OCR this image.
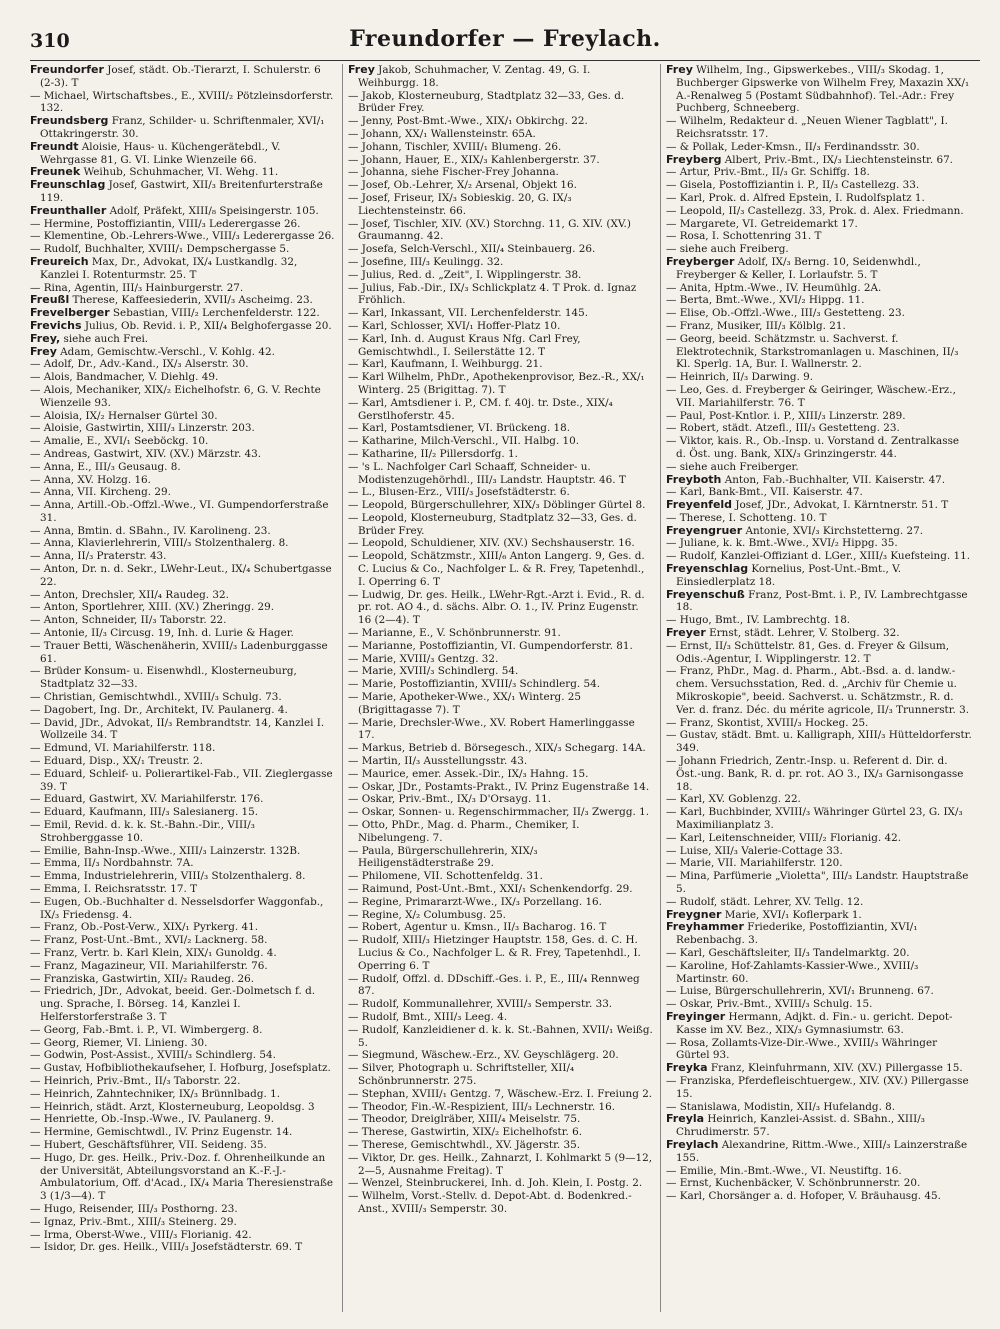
310	Freundorfer — Freylach.

Freundorfer Josef, städt. Ob.-Tierarzt, I. Schulerstr. 6 (2-3). T

— Michael, Wirtschaftsbes., E., XVIII/₂ Pötzleinsdorferstr. 132.

Freundsberg Franz, Schilder- u. Schriftenmaler, XVI/₁ Ottakringerstr. 30.

Freundt Aloisie, Haus- u. Küchengerätebdl., V. Wehrgasse 81, G. VI. Linke Wienzeile 66.

Freunek Weihub, Schuhmacher, VI. Wehg. 11.

Freunschlag Josef, Gastwirt, XII/₃ Breitenfurterstraße 119.

Freunthaller Adolf, Präfekt, XIII/₈ Speisingerstr. 105.

— Hermine, Postoffiziantin, VIII/₃ Lederergasse 26.

— Klementine, Ob.-Lehrers-Wwe., VIII/₃ Lederergasse 26.

— Rudolf, Buchhalter, XVIII/₁ Dempschergasse 5.

Freureich Max, Dr., Advokat, IX/₄ Lustkandlg. 32, Kanzlei I. Rotenturmstr. 25. T

— Rina, Agentin, III/₃ Hainburgerstr. 27.

Freußl Therese, Kaffeesiederin, XVII/₃ Ascheimg. 23.

Frevelberger Sebastian, VIII/₂ Lerchenfelderstr. 122.

Frevichs Julius, Ob. Revid. i. P., XII/₄ Belghofergasse 20.

Frey, siehe auch Frei.

Frey Adam, Gemischtw.-Verschl., V. Kohlg. 42.

— Adolf, Dr., Adv.-Kand., IX/₃ Alserstr. 30.

— Alois, Bandmacher, V. Diehlg. 49.

— Alois, Mechaniker, XIX/₂ Eichelhofstr. 6, G. V. Rechte Wienzeile 93.

— Aloisia, IX/₂ Hernalser Gürtel 30.

— Aloisie, Gastwirtin, XIII/₃ Linzerstr. 203.

— Amalie, E., XVI/₁ Seeböckg. 10.

— Andreas, Gastwirt, XIV. (XV.) Märzstr. 43.

— Anna, E., III/₃ Geusaug. 8.

— Anna, XV. Holzg. 16.

— Anna, VII. Kircheng. 29.

— Anna, Artill.-Ob.-Offzl.-Wwe., VI. Gumpendorferstraße 31.

— Anna, Bmtin. d. SBahn., IV. Karolineng. 23.

— Anna, Klavierlehrerin, VIII/₃ Stolzenthalerg. 8.

— Anna, II/₃ Praterstr. 43.

— Anton, Dr. n. d. Sekr., LWehr-Leut., IX/₄ Schubertgasse 22.

— Anton, Drechsler, XII/₄ Raudeg. 32.

— Anton, Sportlehrer, XIII. (XV.) Zheringg. 29.

— Anton, Schneider, II/₃ Taborstr. 22.

— Antonie, II/₃ Circusg. 19, Inh. d. Lurie & Hager.

— Trauer Betti, Wäschenäherin, XVIII/₃ Ladenburggasse 61.

— Brüder Konsum- u. Eisenwhdl., Klosterneuburg, Stadtplatz 32—33.

— Christian, Gemischtwhdl., XVIII/₃ Schulg. 73.

— Dagobert, Ing. Dr., Architekt, IV. Paulanerg. 4.

— David, JDr., Advokat, II/₃ Rembrandtstr. 14, Kanzlei I. Wollzeile 34. T

— Edmund, VI. Mariahilferstr. 118.

— Eduard, Disp., XX/₁ Treustr. 2.

— Eduard, Schleif- u. Polierartikel-Fab., VII. Zieglergasse 39. T

— Eduard, Gastwirt, XV. Mariahilferstr. 176.

— Eduard, Kaufmann, III/₃ Salesianerg. 15.

— Emil, Revid. d. k. k. St.-Bahn.-Dir., VIII/₃ Strohberggasse 10.

— Emilie, Bahn-Insp.-Wwe., XIII/₃ Lainzerstr. 132B.

— Emma, II/₃ Nordbahnstr. 7A.

— Emma, Industrielehrerin, VIII/₃ Stolzenthalerg. 8.

— Emma, I. Reichsratsstr. 17. T

— Eugen, Ob.-Buchhalter d. Nesselsdorfer Waggonfab., IX/₃ Friedensg. 4.

— Franz, Ob.-Post-Verw., XIX/₁ Pyrkerg. 41.

— Franz, Post-Unt.-Bmt., XVI/₂ Lacknerg. 58.

— Franz, Vertr. b. Karl Klein, XIX/₁ Gunoldg. 4.

— Franz, Magazineur, VII. Mariahilferstr. 76.

— Franziska, Gastwirtin, XII/₂ Raudeg. 26.

— Friedrich, JDr., Advokat, beeid. Ger.-Dolmetsch f. d. ung. Sprache, I. Börseg. 14, Kanzlei I. Helferstorferstraße 3. T

— Georg, Fab.-Bmt. i. P., VI. Wimbergerg. 8.

— Georg, Riemer, VI. Linieng. 30.

— Godwin, Post-Assist., XVIII/₃ Schindlerg. 54.

— Gustav, Hofbibliothekaufseher, I. Hofburg, Josefsplatz.

— Heinrich, Priv.-Bmt., II/₃ Taborstr. 22.

— Heinrich, Zahntechniker, IX/₃ Brünnlbadg. 1.

— Heinrich, städt. Arzt, Klosterneuburg, Leopoldsg. 3

— Henriette, Ob.-Insp.-Wwe., IV. Paulanerg. 9.

— Hermine, Gemischtwdl., IV. Prinz Eugenstr. 14.

— Hubert, Geschäftsführer, VII. Seideng. 35.

— Hugo, Dr. ges. Heilk., Priv.-Doz. f. Ohrenheilkunde an der Universität, Abteilungsvorstand an K.-F.-J.-Ambulatorium, Off. d'Acad., IX/₄ Maria Theresienstraße 3 (1/3—4). T

— Hugo, Reisender, III/₃ Posthorng. 23.

— Ignaz, Priv.-Bmt., XIII/₃ Steinerg. 29.

— Irma, Oberst-Wwe., VIII/₃ Florianig. 42.

— Isidor, Dr. ges. Heilk., VIII/₃ Josefstädterstr. 69. T

Frey Jakob, Schuhmacher, V. Zentag. 49, G. I. Weihburgg. 18.

— Jakob, Klosterneuburg, Stadtplatz 32—33, Ges. d. Brüder Frey.

— Jenny, Post-Bmt.-Wwe., XIX/₁ Obkirchg. 22.

— Johann, XX/₁ Wallensteinstr. 65A.

— Johann, Tischler, XVIII/₁ Blumeng. 26.

— Johann, Hauer, E., XIX/₃ Kahlenbergerstr. 37.

— Johanna, siehe Fischer-Frey Johanna.

— Josef, Ob.-Lehrer, X/₂ Arsenal, Objekt 16.

— Josef, Friseur, IX/₃ Sobieskig. 20, G. IX/₃ Liechtensteinstr. 66.

— Josef, Tischler, XIV. (XV.) Storchng. 11, G. XIV. (XV.) Graumanng. 42.

— Josefa, Selch-Verschl., XII/₄ Steinbauerg. 26.

— Josefine, III/₃ Keulingg. 32.

— Julius, Red. d. „Zeit", I. Wipplingerstr. 38.

— Julius, Fab.-Dir., IX/₃ Schlickplatz 4. T Prok. d. Ignaz Fröhlich.

— Karl, Inkassant, VII. Lerchenfelderstr. 145.

— Karl, Schlosser, XVI/₁ Hoffer-Platz 10.

— Karl, Inh. d. August Kraus Nfg. Carl Frey, Gemischtwhdl., I. Seilerstätte 12. T

— Karl, Kaufmann, I. Weihburgg. 21.

— Karl Wilhelm, PhDr., Apothekenprovisor, Bez.-R., XX/₁ Winterg. 25 (Brigittag. 7). T

— Karl, Amtsdiener i. P., CM. f. 40j. tr. Dste., XIX/₄ Gerstlhoferstr. 45.

— Karl, Postamtsdiener, VI. Brückeng. 18.

— Katharine, Milch-Verschl., VII. Halbg. 10.

— Katharine, II/₂ Pillersdorfg. 1.

— 's L. Nachfolger Carl Schaaff, Schneider- u. Modistenzugehörhdl., III/₃ Landstr. Hauptstr. 46. T

— L., Blusen-Erz., VIII/₃ Josefstädterstr. 6.

— Leopold, Bürgerschullehrer, XIX/₃ Döblinger Gürtel 8.

— Leopold, Klosterneuburg, Stadtplatz 32—33, Ges. d. Brüder Frey.

— Leopold, Schuldiener, XIV. (XV.) Sechshauserstr. 16.

— Leopold, Schätzmstr., XIII/₆ Anton Langerg. 9, Ges. d. C. Lucius & Co., Nachfolger L. & R. Frey, Tapetenhdl., I. Operring 6. T

— Ludwig, Dr. ges. Heilk., LWehr-Rgt.-Arzt i. Evid., R. d. pr. rot. AO 4., d. sächs. Albr. O. 1., IV. Prinz Eugenstr. 16 (2—4). T

— Marianne, E., V. Schönbrunnerstr. 91.

— Marianne, Postoffiziantin, VI. Gumpendorferstr. 81.

— Marie, XVIII/₃ Gentzg. 32.

— Marie, XVIII/₃ Schindlerg. 54.

— Marie, Postoffiziantin, XVIII/₃ Schindlerg. 54.

— Marie, Apotheker-Wwe., XX/₁ Winterg. 25 (Brigittagasse 7). T

— Marie, Drechsler-Wwe., XV. Robert Hamerlinggasse 17.

— Markus, Betrieb d. Börsegesch., XIX/₃ Schegarg. 14A.

— Martin, II/₃ Ausstellungsstr. 43.

— Maurice, emer. Assek.-Dir., IX/₃ Hahng. 15.

— Oskar, JDr., Postamts-Prakt., IV. Prinz Eugenstraße 14.

— Oskar, Priv.-Bmt., IX/₃ D'Orsayg. 11.

— Oskar, Sonnen- u. Regenschirmmacher, II/₃ Zwergg. 1.

— Otto, PhDr., Mag. d. Pharm., Chemiker, I. Nibelungeng. 7.

— Paula, Bürgerschullehrerin, XIX/₃ Heiligenstädterstraße 29.

— Philomene, VII. Schottenfeldg. 31.

— Raimund, Post-Unt.-Bmt., XXI/₁ Schenkendorfg. 29.

— Regine, Primararzt-Wwe., IX/₃ Porzellang. 16.

— Regine, X/₂ Columbusg. 25.

— Robert, Agentur u. Kmsn., II/₃ Bacharog. 16. T

— Rudolf, XIII/₃ Hietzinger Hauptstr. 158, Ges. d. C. H. Lucius & Co., Nachfolger L. & R. Frey, Tapetenhdl., I. Operring 6. T

— Rudolf, Offzl. d. DDschiff.-Ges. i. P., E., III/₄ Rennweg 87.

— Rudolf, Kommunallehrer, XVIII/₃ Semperstr. 33.

— Rudolf, Bmt., XIII/₃ Leeg. 4.

— Rudolf, Kanzleidiener d. k. k. St.-Bahnen, XVII/₁ Weißg. 5.

— Siegmund, Wäschew.-Erz., XV. Geyschlägerg. 20.

— Silver, Photograph u. Schriftsteller, XII/₄ Schönbrunnerstr. 275.

— Stephan, XVIII/₁ Gentzg. 7, Wäschew.-Erz. I. Freiung 2.

— Theodor, Fin.-W.-Respizient, III/₃ Lechnerstr. 16.

— Theodor, Dreiglräber, XIII/₄ Meiselstr. 75.

— Therese, Gastwirtin, XIX/₂ Eichelhofstr. 6.

— Therese, Gemischtwhdl., XV. Jägerstr. 35.

— Viktor, Dr. ges. Heilk., Zahnarzt, I. Kohlmarkt 5 (9—12, 2—5, Ausnahme Freitag). T

— Wenzel, Steinbruckerei, Inh. d. Joh. Klein, I. Postg. 2.

— Wilhelm, Vorst.-Stellv. d. Depot-Abt. d. Bodenkred.-Anst., XVIII/₃ Semperstr. 30.

Frey Wilhelm, Ing., Gipswerkebes., VIII/₃ Skodag. 1, Buchberger Gipswerke von Wilhelm Frey, Maxazin XX/₁ A.-Renalweg 5 (Postamt Südbahnhof). Tel.-Adr.: Frey Puchberg, Schneeberg.

— Wilhelm, Redakteur d. „Neuen Wiener Tagblatt", I. Reichsratsstr. 17.

— & Pollak, Leder-Kmsn., II/₃ Ferdinandsstr. 30.

Freyberg Albert, Priv.-Bmt., IX/₃ Liechtensteinstr. 67.

— Artur, Priv.-Bmt., II/₃ Gr. Schiffg. 18.

— Gisela, Postoffiziantin i. P., II/₃ Castellezg. 33.

— Karl, Prok. d. Alfred Epstein, I. Rudolfsplatz 1.

— Leopold, II/₃ Castellezg. 33, Prok. d. Alex. Friedmann.

— Margarete, VI. Getreidemarkt 17.

— Rosa, I. Schottenring 31. T

— siehe auch Freiberg.

Freyberger Adolf, IX/₃ Berng. 10, Seidenwhdl., Freyberger & Keller, I. Lorlaufstr. 5. T

— Anita, Hptm.-Wwe., IV. Heumühlg. 2A.

— Berta, Bmt.-Wwe., XVI/₂ Hippg. 11.

— Elise, Ob.-Offzl.-Wwe., III/₃ Gestetteng. 23.

— Franz, Musiker, III/₃ Kölblg. 21.

— Georg, beeid. Schätzmstr. u. Sachverst. f. Elektrotechnik, Starkstromanlagen u. Maschinen, II/₃ Kl. Sperlg. 1A, Bur. I. Wallnerstr. 2.

— Heinrich, II/₃ Darwing. 9.

— Leo, Ges. d. Freyberger & Geiringer, Wäschew.-Erz., VII. Mariahilferstr. 76. T

— Paul, Post-Kntlor. i. P., XIII/₃ Linzerstr. 289.

— Robert, städt. Atzefl., III/₃ Gestetteng. 23.

— Viktor, kais. R., Ob.-Insp. u. Vorstand d. Zentralkasse d. Öst. ung. Bank, XIX/₃ Grinzingerstr. 44.

— siehe auch Freiberger.

Freyboth Anton, Fab.-Buchhalter, VII. Kaiserstr. 47.

— Karl, Bank-Bmt., VII. Kaiserstr. 47.

Freyenfeld Josef, JDr., Advokat, I. Kärntnerstr. 51. T

— Therese, I. Schotteng. 10. T

Freyengruer Antonie, XVI/₃ Kirchstetterng. 27.

— Juliane, k. k. Bmt.-Wwe., XVI/₂ Hippg. 35.

— Rudolf, Kanzlei-Offiziant d. LGer., XIII/₃ Kuefsteing. 11.

Freyenschlag Kornelius, Post-Unt.-Bmt., V. Einsiedlerplatz 18.

Freyenschuß Franz, Post-Bmt. i. P., IV. Lambrechtgasse 18.

— Hugo, Bmt., IV. Lambrechtg. 18.

Freyer Ernst, städt. Lehrer, V. Stolberg. 32.

— Ernst, II/₃ Schüttelstr. 81, Ges. d. Freyer & Gilsum, Odis.-Agentur, I. Wipplingerstr. 12. T

— Franz, PhDr., Mag. d. Pharm., Abt.-Bsd. a. d. landw.-chem. Versuchsstation, Red. d. „Archiv für Chemie u. Mikroskopie", beeid. Sachverst. u. Schätzmstr., R. d. Ver. d. franz. Déc. du mérite agricole, II/₃ Trunnerstr. 3.

— Franz, Skontist, XVIII/₃ Hockeg. 25.

— Gustav, städt. Bmt. u. Kalligraph, XIII/₃ Hütteldorferstr. 349.

— Johann Friedrich, Zentr.-Insp. u. Referent d. Dir. d. Öst.-ung. Bank, R. d. pr. rot. AO 3., IX/₃ Garnisongasse 18.

— Karl, XV. Goblenzg. 22.

— Karl, Buchbinder, XVIII/₃ Währinger Gürtel 23, G. IX/₃ Maximilianplatz 3.

— Karl, Leitenschneider, VIII/₂ Florianig. 42.

— Luise, XII/₃ Valerie-Cottage 33.

— Marie, VII. Mariahilferstr. 120.

— Mina, Parfümerie „Violetta", III/₃ Landstr. Hauptstraße 5.

— Rudolf, städt. Lehrer, XV. Tellg. 12.

Freygner Marie, XVI/₁ Koflerpark 1.

Freyhammer Friederike, Postoffiziantin, XVI/₁ Rebenbachg. 3.

— Karl, Geschäftsleiter, II/₃ Tandelmarktg. 20.

— Karoline, Hof-Zahlamts-Kassier-Wwe., XVIII/₃ Martinstr. 60.

— Luise, Bürgerschullehrerin, XVI/₁ Brunneng. 67.

— Oskar, Priv.-Bmt., XVIII/₃ Schulg. 15.

Freyinger Hermann, Adjkt. d. Fin.- u. gericht. Depot-Kasse im XV. Bez., XIX/₃ Gymnasiumstr. 63.

— Rosa, Zollamts-Vize-Dir.-Wwe., XVIII/₃ Währinger Gürtel 93.

Freyka Franz, Kleinfuhrmann, XIV. (XV.) Pillergasse 15.

— Franziska, Pferdefleischtuergew., XIV. (XV.) Pillergasse 15.

— Stanislawa, Modistin, XII/₃ Hufelandg. 8.

Freyla Heinrich, Kanzlei-Assist. d. SBahn., XIII/₃ Chrudimerstr. 57.

Freylach Alexandrine, Rittm.-Wwe., XIII/₃ Lainzerstraße 155.

— Emilie, Min.-Bmt.-Wwe., VI. Neustiftg. 16.

— Ernst, Kuchenbäcker, V. Schönbrunnerstr. 20.

— Karl, Chorsänger a. d. Hofoper, V. Bräuhausg. 45.
